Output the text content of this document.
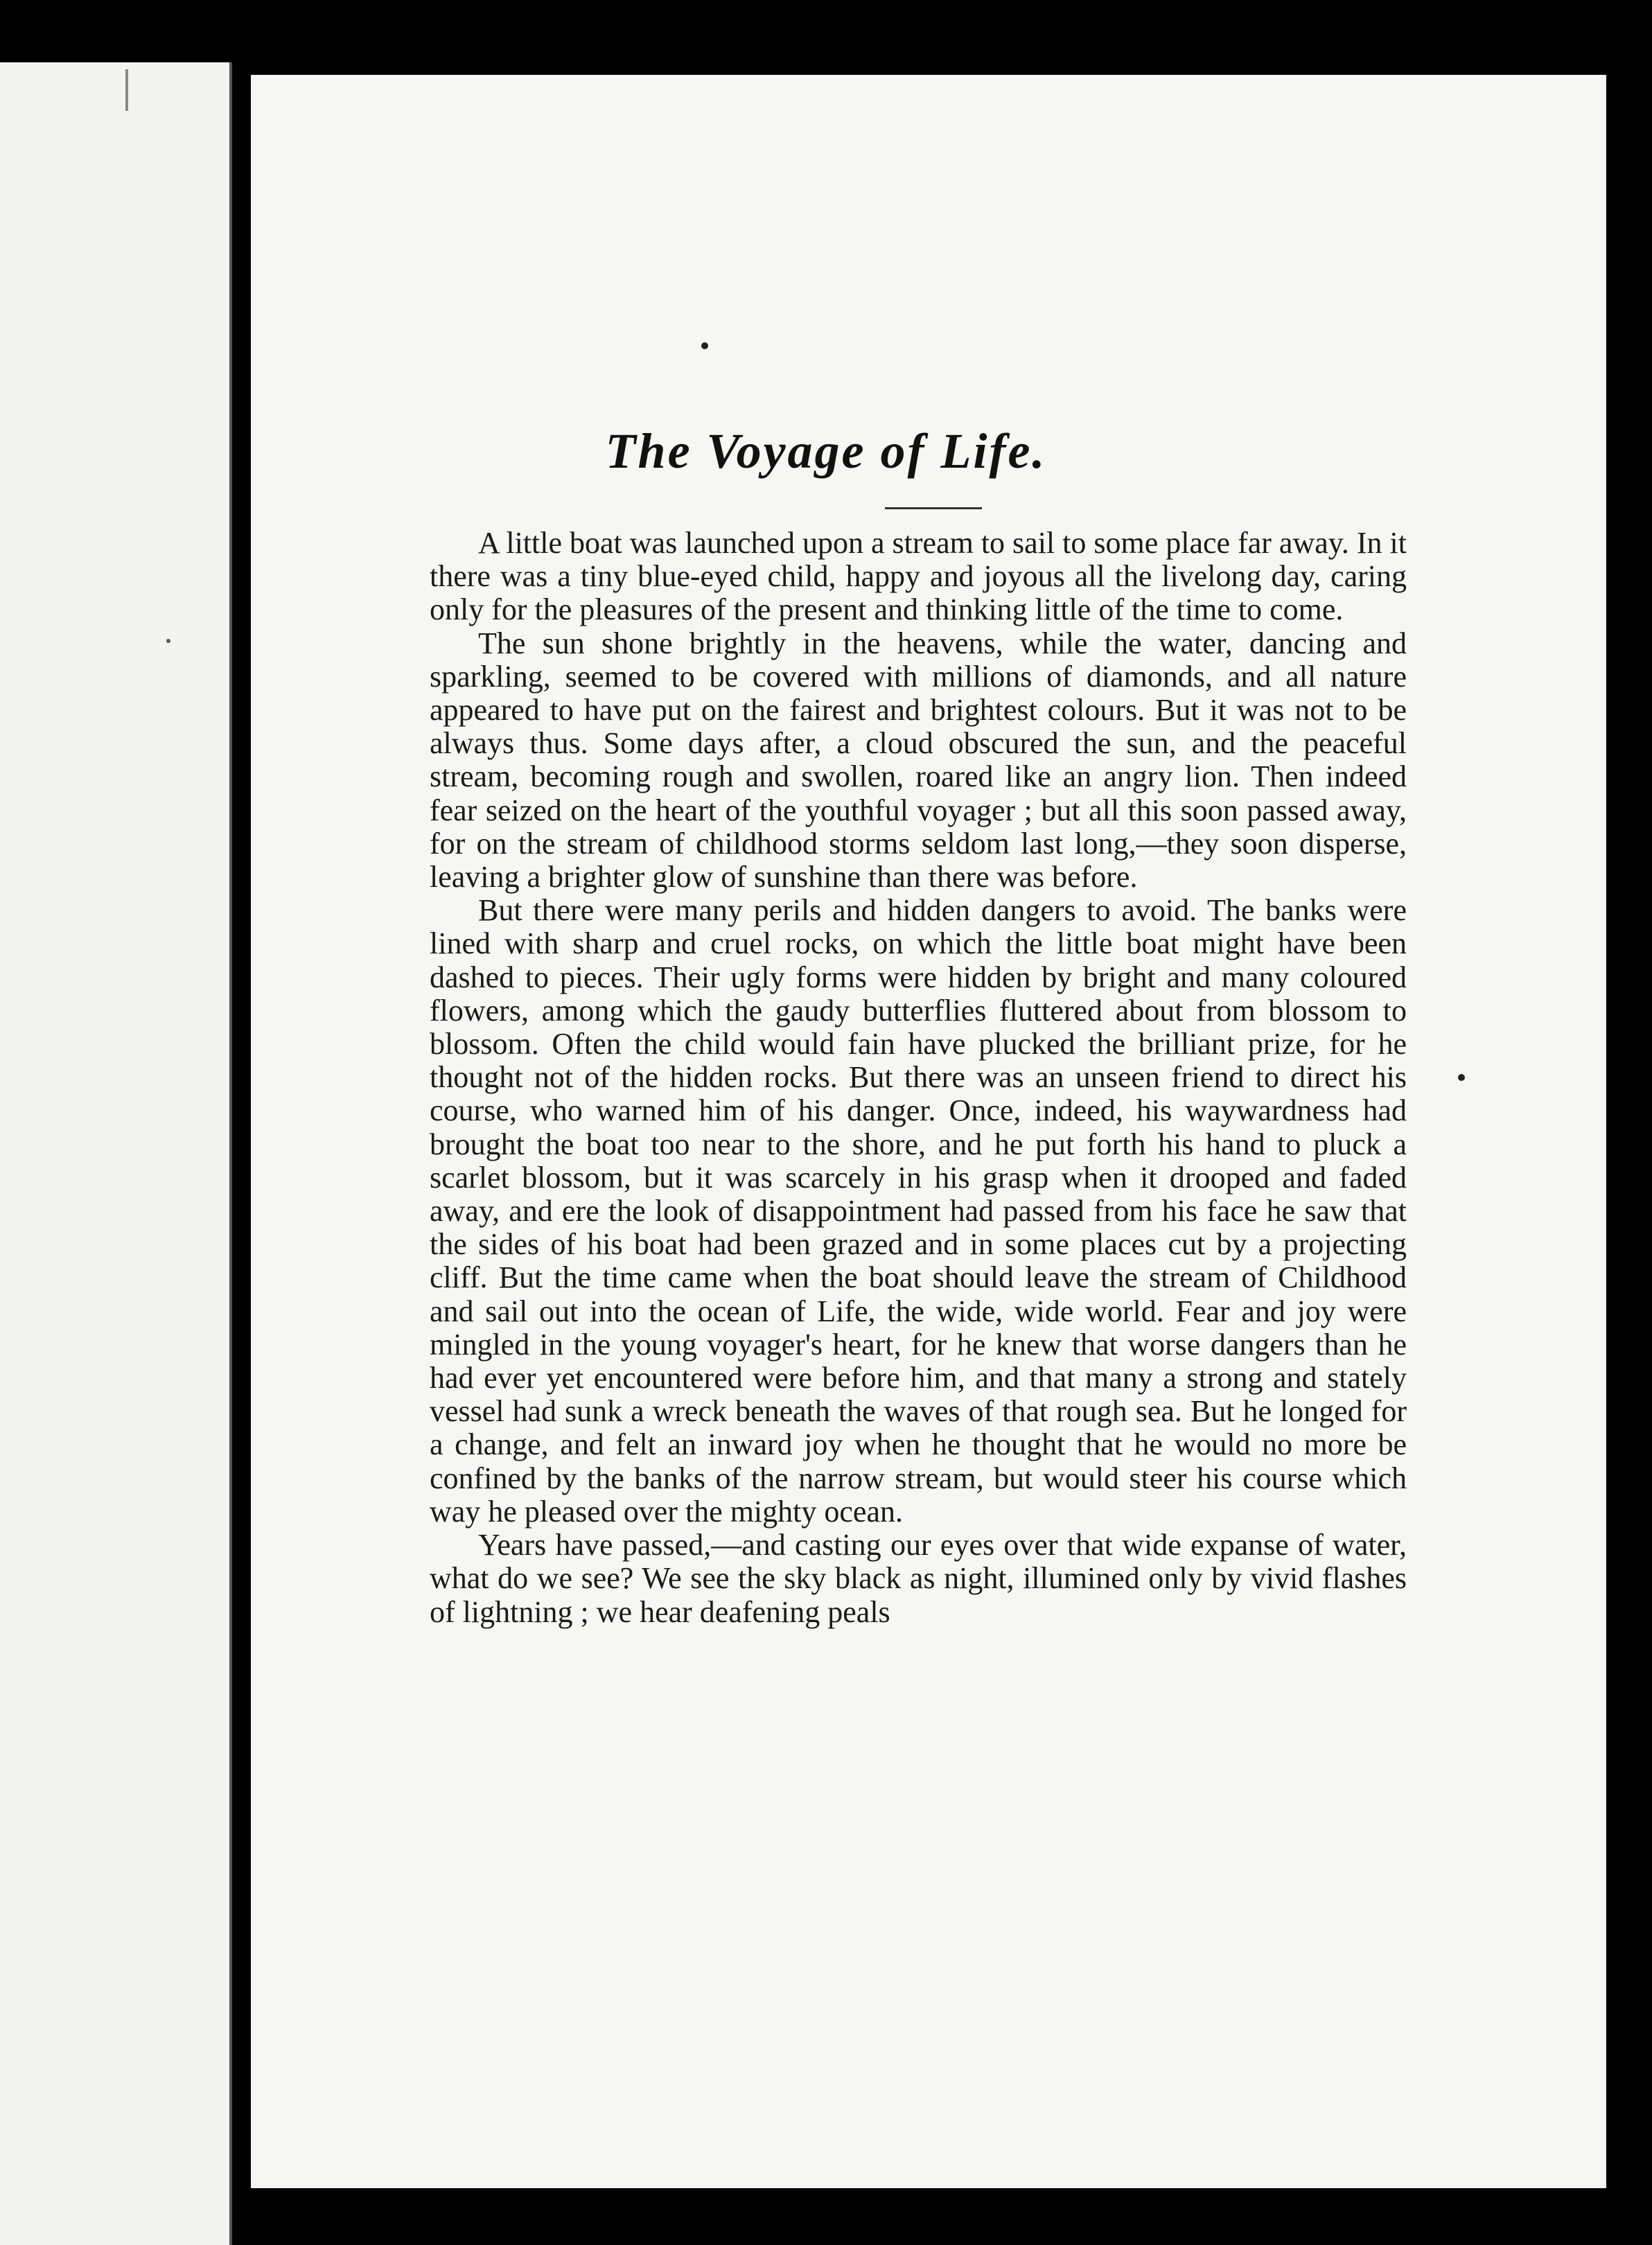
The Voyage of Life.

A little boat was launched upon a stream to sail to some place far away. In it there was a tiny blue-eyed child, happy and joyous all the livelong day, caring only for the pleasures of the present and thinking little of the time to come.

The sun shone brightly in the heavens, while the water, dancing and sparkling, seemed to be covered with millions of diamonds, and all nature appeared to have put on the fairest and brightest colours. But it was not to be always thus. Some days after, a cloud obscured the sun, and the peaceful stream, becoming rough and swollen, roared like an angry lion. Then indeed fear seized on the heart of the youthful voyager ; but all this soon passed away, for on the stream of childhood storms seldom last long,—they soon disperse, leaving a brighter glow of sunshine than there was before.

But there were many perils and hidden dangers to avoid. The banks were lined with sharp and cruel rocks, on which the little boat might have been dashed to pieces. Their ugly forms were hidden by bright and many coloured flowers, among which the gaudy butterflies fluttered about from blossom to blossom. Often the child would fain have plucked the brilliant prize, for he thought not of the hidden rocks. But there was an unseen friend to direct his course, who warned him of his danger. Once, indeed, his waywardness had brought the boat too near to the shore, and he put forth his hand to pluck a scarlet blossom, but it was scarcely in his grasp when it drooped and faded away, and ere the look of disappointment had passed from his face he saw that the sides of his boat had been grazed and in some places cut by a projecting cliff. But the time came when the boat should leave the stream of Childhood and sail out into the ocean of Life, the wide, wide world. Fear and joy were mingled in the young voyager's heart, for he knew that worse dangers than he had ever yet encountered were before him, and that many a strong and stately vessel had sunk a wreck beneath the waves of that rough sea. But he longed for a change, and felt an inward joy when he thought that he would no more be confined by the banks of the narrow stream, but would steer his course which way he pleased over the mighty ocean.

Years have passed,—and casting our eyes over that wide expanse of water, what do we see? We see the sky black as night, illumined only by vivid flashes of lightning ; we hear deafening peals
